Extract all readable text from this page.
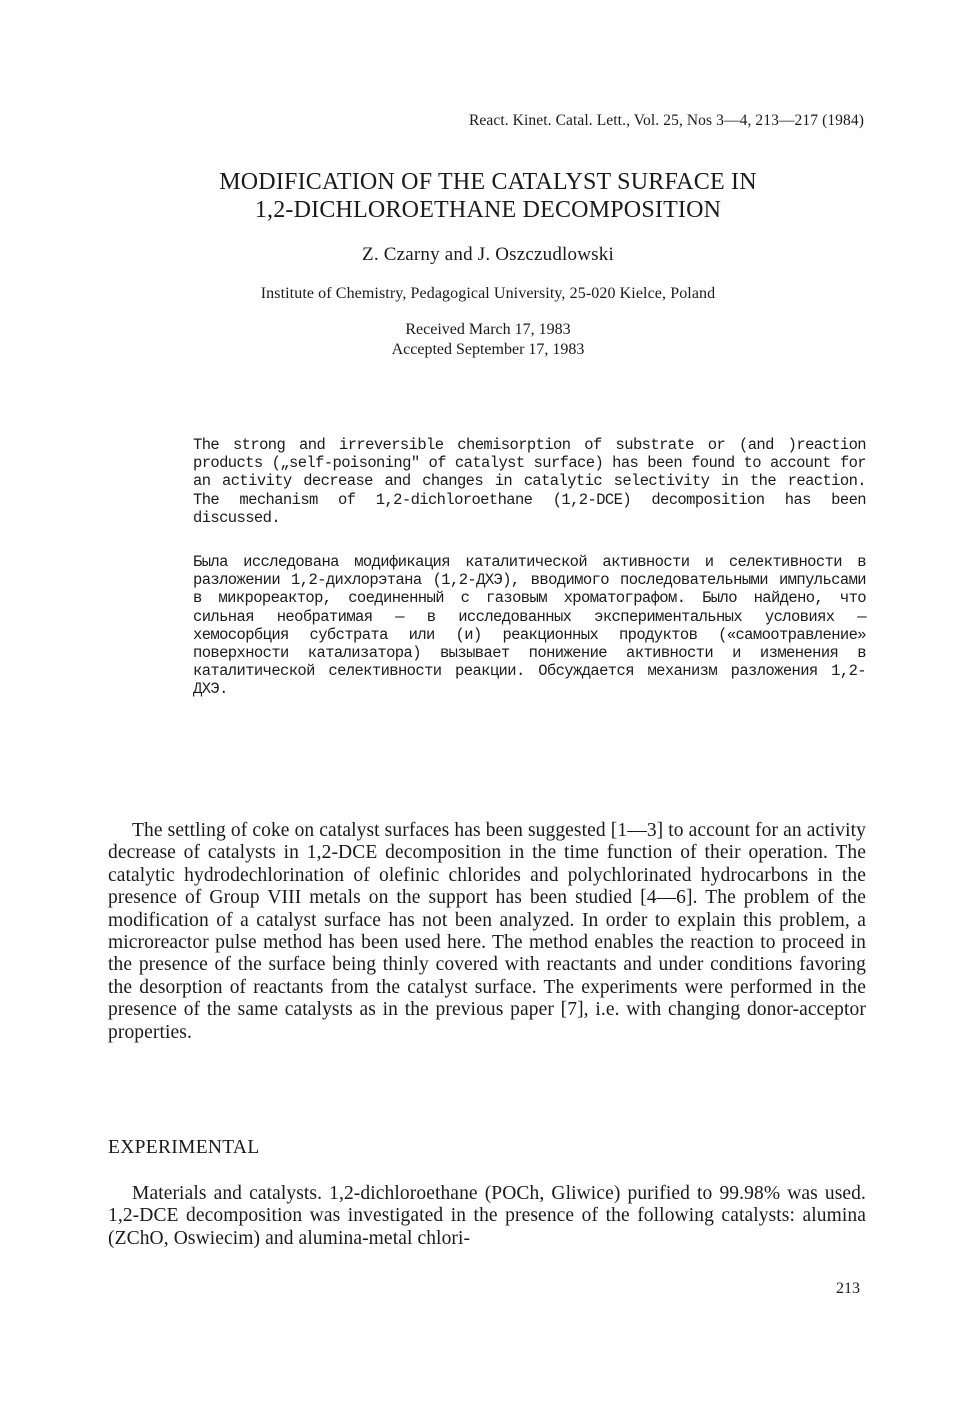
React. Kinet. Catal. Lett., Vol. 25, Nos 3—4, 213—217 (1984)
MODIFICATION OF THE CATALYST SURFACE IN
1,2-DICHLOROETHANE DECOMPOSITION
Z. Czarny and J. Oszczudlowski
Institute of Chemistry, Pedagogical University, 25-020 Kielce, Poland
Received March 17, 1983
Accepted September 17, 1983
The strong and irreversible chemisorption of substrate or (and )reaction products („self-poisoning" of catalyst surface) has been found to account for an activity decrease and changes in catalytic selectivity in the reaction. The mechanism of 1,2-dichloroethane (1,2-DCE) decomposition has been discussed.
Была исследована модификация каталитической активности и селективности в разложении 1,2-дихлорэтана (1,2-ДХЭ), вводимого последовательными импульсами в микрореактор, соединенный с газовым хроматографом. Было найдено, что сильная необратимая — в исследованных экспериментальных условиях — хемосорбция субстрата или (и) реакционных продуктов («самоотравление» поверхности катализатора) вызывает понижение активности и изменения в каталитической селективности реакции. Обсуждается механизм разложения 1,2-ДХЭ.
The settling of coke on catalyst surfaces has been suggested [1—3] to account for an activity decrease of catalysts in 1,2-DCE decomposition in the time function of their operation. The catalytic hydrodechlorination of olefinic chlorides and polychlorinated hydrocarbons in the presence of Group VIII metals on the support has been studied [4—6]. The problem of the modification of a catalyst surface has not been analyzed. In order to explain this problem, a microreactor pulse method has been used here. The method enables the reaction to proceed in the presence of the surface being thinly covered with reactants and under conditions favoring the desorption of reactants from the catalyst surface. The experiments were performed in the presence of the same catalysts as in the previous paper [7], i.e. with changing donor-acceptor properties.
EXPERIMENTAL
Materials and catalysts. 1,2-dichloroethane (POCh, Gliwice) purified to 99.98% was used. 1,2-DCE decomposition was investigated in the presence of the following catalysts: alumina (ZChO, Oswiecim) and alumina-metal chlori-
213
